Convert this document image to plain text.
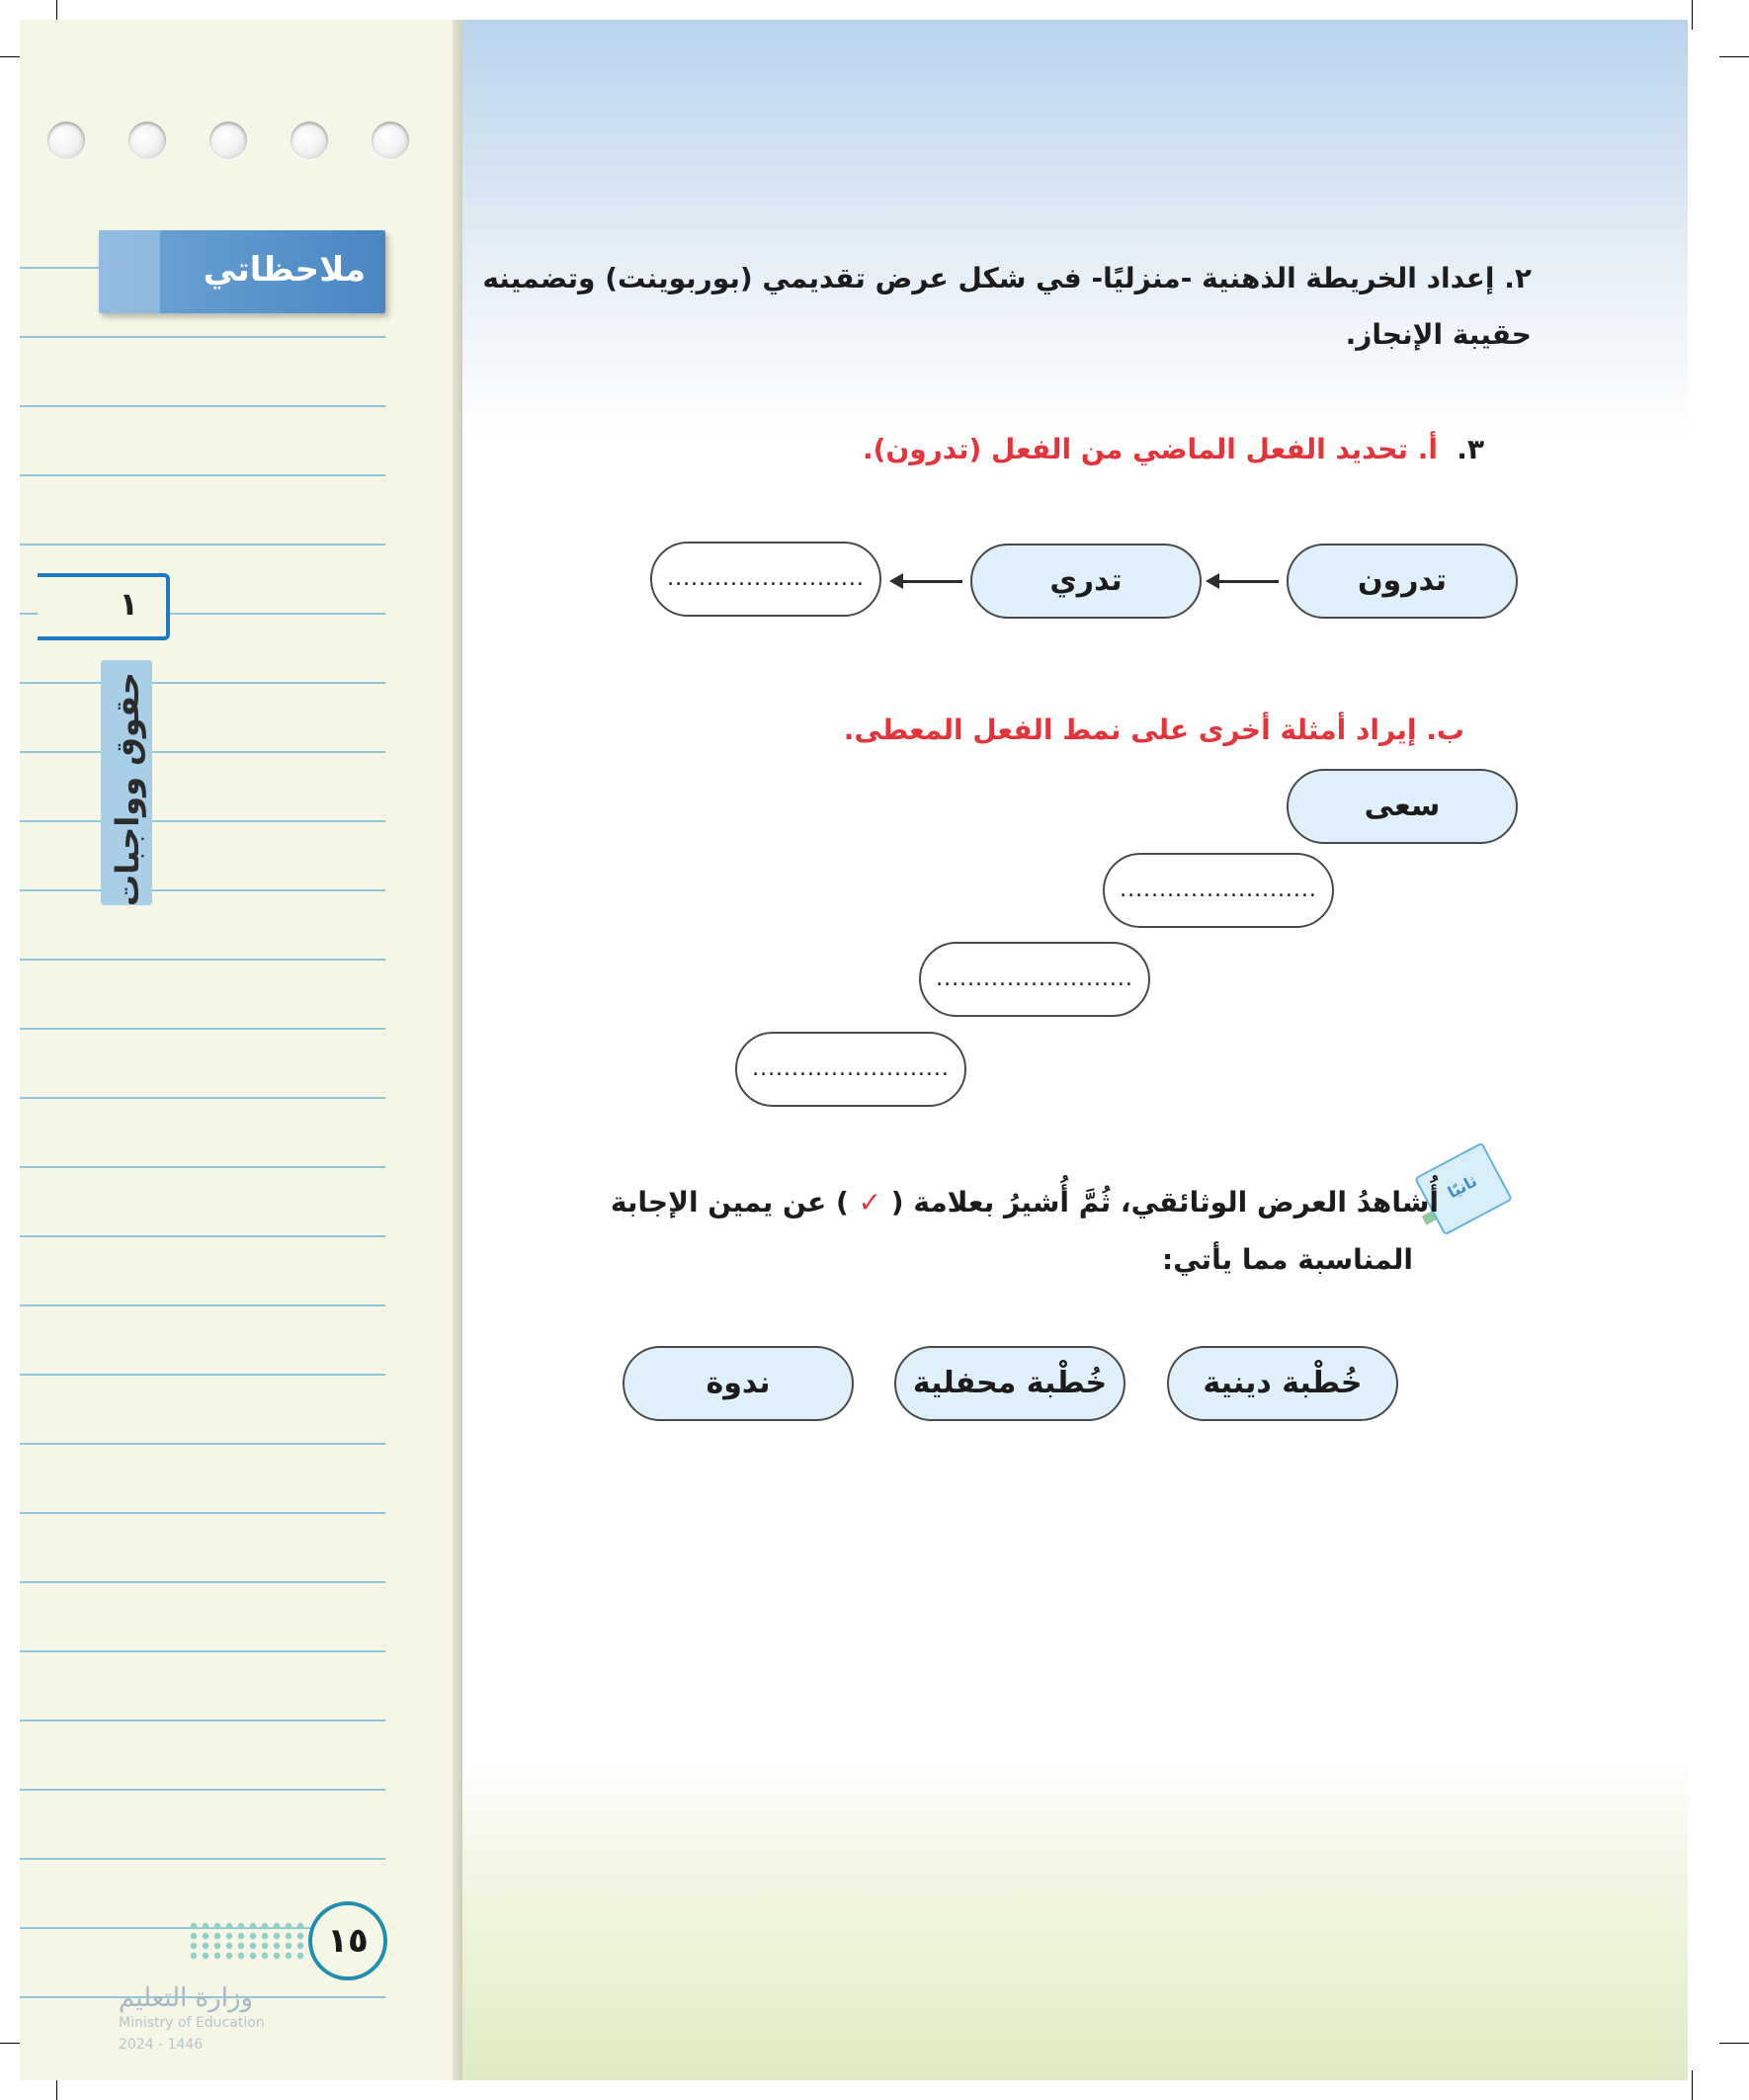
ملاحظاتي
١
حقوق وواجبات
١٥
وزارة التعليم
Ministry of Education
2024 - 1446
٢. إعداد الخريطة الذهنية -منزليًا- في شكل عرض تقديمي (بوربوينت) وتضمينه
حقيبة الإنجاز.
٣.
أ. تحديد الفعل الماضي من الفعل (تدرون).
تدرون
تدري
.........................
ب. إيراد أمثلة أخرى على نمط الفعل المعطى.
سعى
.........................
.........................
.........................
ثانيًا
أُشاهدُ العرض الوثائقي، ثُمَّ أُشيرُ بعلامة ( ✓ ) عن يمين الإجابة
المناسبة مما يأتي:
خُطْبة دينية
خُطْبة محفلية
ندوة
